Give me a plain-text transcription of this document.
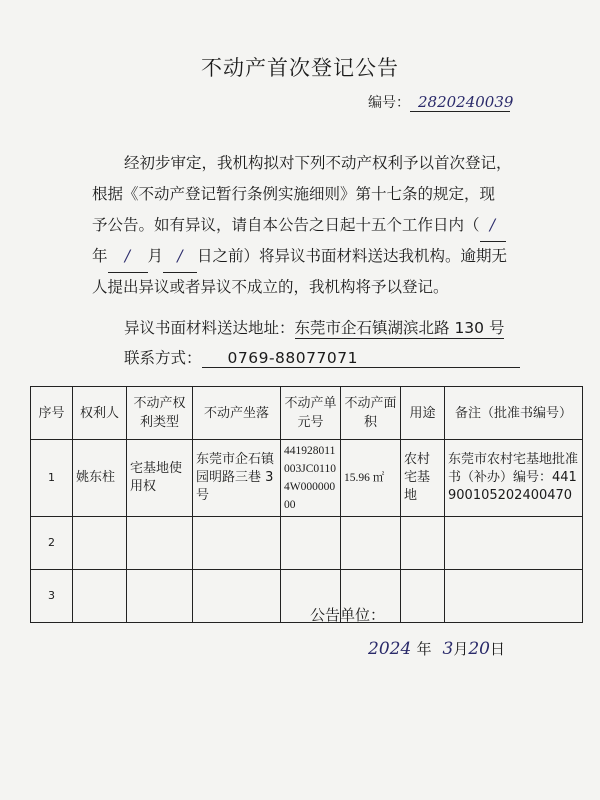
不动产首次登记公告
编号： 2820240039
经初步审定，我机构拟对下列不动产权利予以首次登记，
根据《不动产登记暂行条例实施细则》第十七条的规定，现
予公告。如有异议，请自本公告之日起十五个工作日内（ /
年 / 月 / 日之前）将异议书面材料送达我机构。逾期无
人提出异议或者异议不成立的，我机构将予以登记。
异议书面材料送达地址：东莞市企石镇湖滨北路 130 号
联系方式： 0769-88077071
序号	权利人	不动产权利类型	不动产坐落	不动产单元号	不动产面积	用途	备注（批准书编号）
1	姚东柱	宅基地使用权	东莞市企石镇园明路三巷 3 号	441928011003JC01104W00000000	15.96 ㎡	农村宅基地	东莞市农村宅基地批准书（补办）编号：441900105202400470
2							
3							
公告单位：
2024 年 3月20日
